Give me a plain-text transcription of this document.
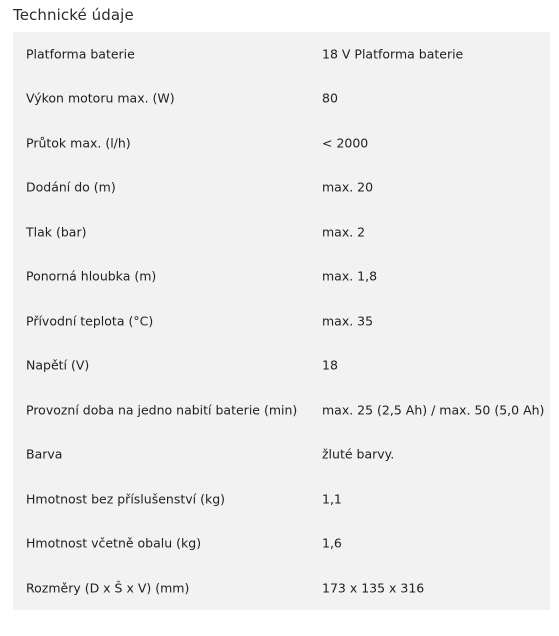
Technické údaje
Platforma baterie	18 V Platforma baterie
Výkon motoru max. (W)	80
Průtok max. (l/h)	< 2000
Dodání do (m)	max. 20
Tlak (bar)	max. 2
Ponorná hloubka (m)	max. 1,8
Přívodní teplota (°C)	max. 35
Napětí (V)	18
Provozní doba na jedno nabití baterie (min) max. 25 (2,5 Ah) / max. 50 (5,0 Ah)
Barva	žluté barvy.
Hmotnost bez příslušenství (kg)	1,1
Hmotnost včetně obalu (kg)	1,6
Rozměry (D x Š x V) (mm)	173 x 135 x 316
